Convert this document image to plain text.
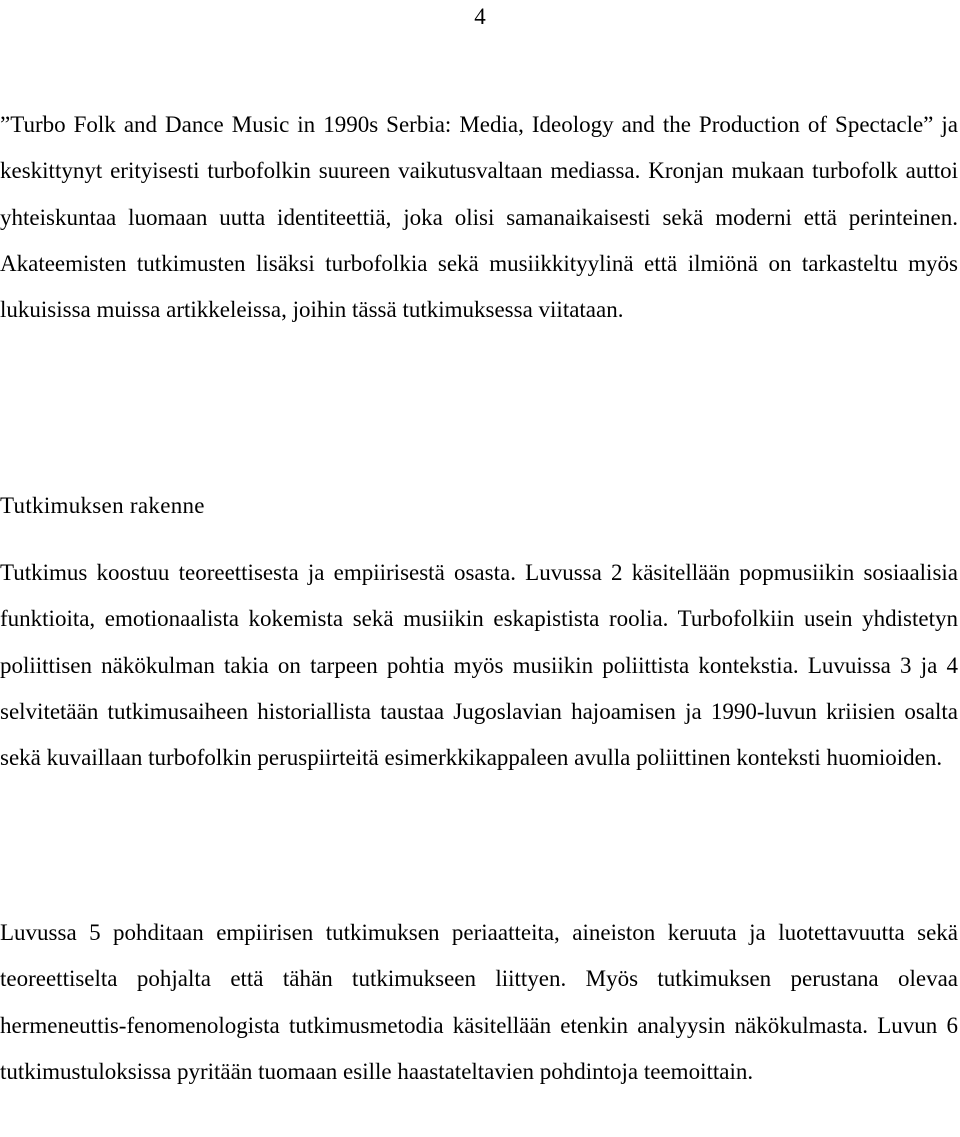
4

”Turbo Folk and Dance Music in 1990s Serbia: Media, Ideology and the Production of Spectacle” ja keskittynyt erityisesti turbofolkin suureen vaikutusvaltaan mediassa. Kronjan mukaan turbofolk auttoi yhteiskuntaa luomaan uutta identiteettiä, joka olisi samanaikaisesti sekä moderni että perinteinen. Akateemisten tutkimusten lisäksi turbofolkia sekä musiikkityylinä että ilmiönä on tarkasteltu myös lukuisissa muissa artikkeleissa, joihin tässä tutkimuksessa viitataan.

Tutkimuksen rakenne

Tutkimus koostuu teoreettisesta ja empiirisestä osasta. Luvussa 2 käsitellään popmusiikin sosiaalisia funktioita, emotionaalista kokemista sekä musiikin eskapistista roolia. Turbofolkiin usein yhdistetyn poliittisen näkökulman takia on tarpeen pohtia myös musiikin poliittista kontekstia. Luvuissa 3 ja 4 selvitetään tutkimusaiheen historiallista taustaa Jugoslavian hajoamisen ja 1990-luvun kriisien osalta sekä kuvaillaan turbofolkin peruspiirteitä esimerkkikappaleen avulla poliittinen konteksti huomioiden.

Luvussa 5 pohditaan empiirisen tutkimuksen periaatteita, aineiston keruuta ja luotettavuutta sekä teoreettiselta pohjalta että tähän tutkimukseen liittyen. Myös tutkimuksen perustana olevaa hermeneuttis-fenomenologista tutkimusmetodia käsitellään etenkin analyysin näkökulmasta. Luvun 6 tutkimustuloksissa pyritään tuomaan esille haastateltavien pohdintoja teemoittain.
